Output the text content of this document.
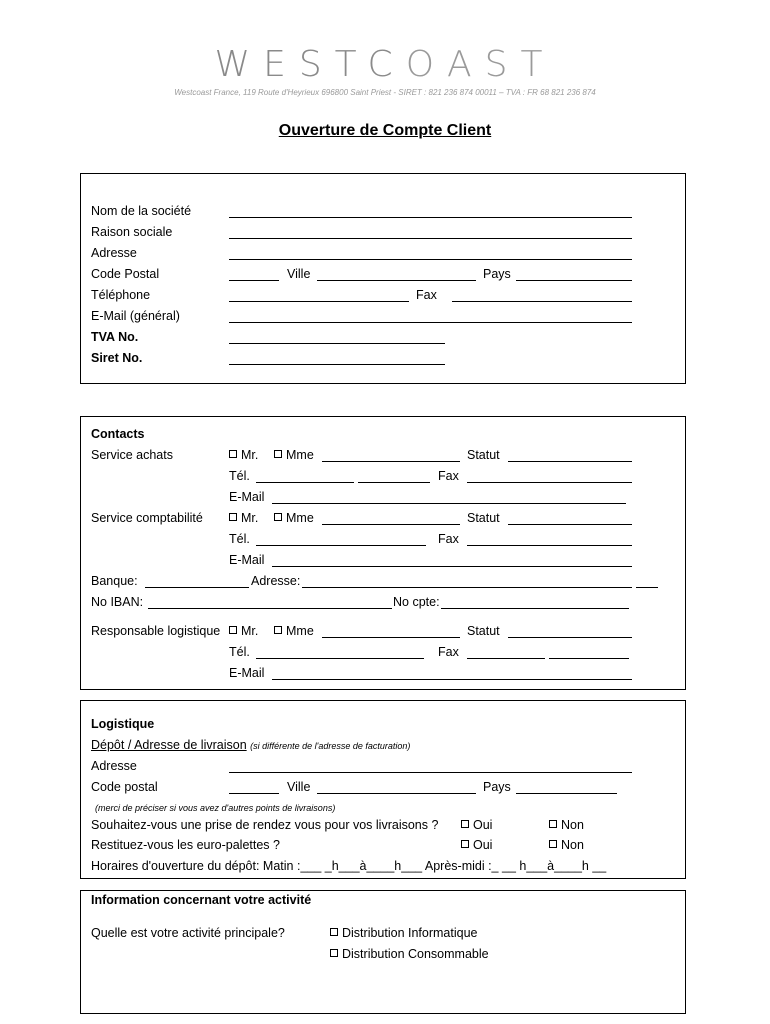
WESTCΟAST
Westcoast France, 119 Route d'Heyrieux 696800 Saint Priest - SIRET : 821 236 874 00011 – TVA : FR 68 821 236 874
Ouverture de Compte Client
Nom de la société
Raison sociale
Adresse
Code Postal	Ville	Pays
Téléphone	Fax
E-Mail (général)
TVA No.
Siret No.
Contacts
Service achats	Mr.	Mme	Statut
Tél.	Fax
E-Mail
Service comptabilité	Mr.	Mme	Statut
Tél.	Fax
E-Mail
Banque:	Adresse:
No IBAN:	No cpte:
Responsable logistique	Mr.	Mme	Statut
Tél.	Fax
E-Mail
Logistique
Dépôt / Adresse de livraison (si différente de l'adresse de facturation)
Adresse
Code postal	Ville	Pays
(merci de préciser si vous avez d'autres points de livraisons)
Souhaitez-vous une prise de rendez vous pour vos livraisons ?	Oui	Non
Restituez-vous les euro-palettes ?	Oui	Non
Horaires d'ouverture du dépôt: Matin :___ _h___à____h___ Après-midi :_ __ h___à____h __
Information concernant votre activité
Quelle est votre activité principale?	Distribution Informatique
Distribution Consommable
